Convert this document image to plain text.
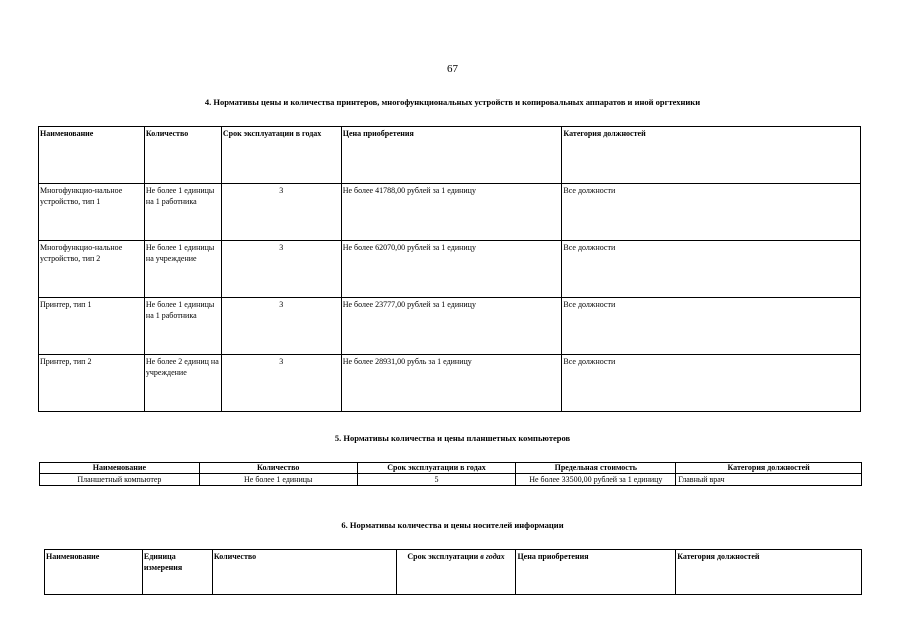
67
4. Нормативы цены и количества принтеров, многофункциональных устройств и копировальных аппаратов и иной оргтехники
Наименование	Количество	Срок эксплуатации в годах	Цена приобретения	Категория должностей
Многофункцио-нальное устройство, тип 1	Не более 1 единицы на 1 работника	3	Не более 41788,00 рублей за 1 единицу	Все должности
Многофункцио-нальное устройство, тип 2	Не более 1 единицы на учреждение	3	Не более 62070,00 рублей за 1 единицу	Все должности
Принтер, тип 1	Не более 1 единицы на 1 работника	3	Не более 23777,00 рублей за 1 единицу	Все должности
Принтер, тип 2	Не более 2 единиц на учреждение	3	Не более 28931,00 рубль за 1 единицу	Все должности
5. Нормативы количества и цены планшетных компьютеров
Наименование	Количество	Срок эксплуатации в годах	Предельная стоимость	Категория должностей
Планшетный компьютер	Не более 1 единицы	5	Не более 33500,00 рублей за 1 единицу	Главный врач
6. Нормативы количества и цены носителей информации
Наименование	Единица измерения	Количество	Срок эксплуатации в годах	Цена приобретения	Категория должностей
